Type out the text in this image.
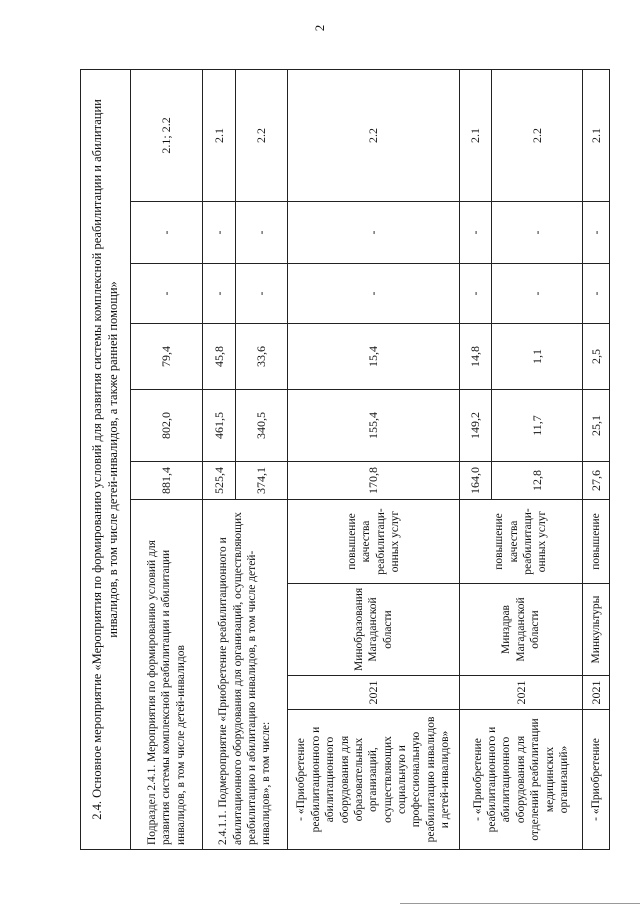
2
2.4. Основное мероприятие «Мероприятия по формированию условий для развития системы комплексной реабилитации и абилитации инвалидов, в том числе детей-инвалидов, а также ранней помощи»									
Подраздел 2.4.1. Мероприятия по формированию условий для развития системы комплексной реабилитации и абилитации инвалидов, в том числе детей-инвалидов				881,4	802,0	79,4	-	-	2.1; 2.2
2.4.1.1. Подмероприятие «Приобретение реабилитационного и абилитационного оборудования для организаций, осуществляющих реабилитацию и абилитацию инвалидов, в том числе детей-инвалидов», в том числе:				525,4	461,5	45,8	-	-	2.1
				374,1	340,5	33,6	-	-	2.2
- «Приобретение реабилитационного и абилитационного оборудования для образовательных организаций, осуществляющих социальную и профессиональную реабилитацию инвалидов и детей-инвалидов»	2021	Минобразования Магаданской области	повышение качества реабилитаци-онных услуг	170,8	155,4	15,4	-	-	2.2
- «Приобретение реабилитационного и абилитационного оборудования для отделений реабилитации медицинских организаций»	2021	Минздрав Магаданской области	повышение качества реабилитаци-онных услуг	164,0	149,2	14,8	-	-	2.1
				12,8	11,7	1,1	-	-	2.2
- «Приобретение	2021	Минкультуры	повышение	27,6	25,1	2,5	-	-	2.1
